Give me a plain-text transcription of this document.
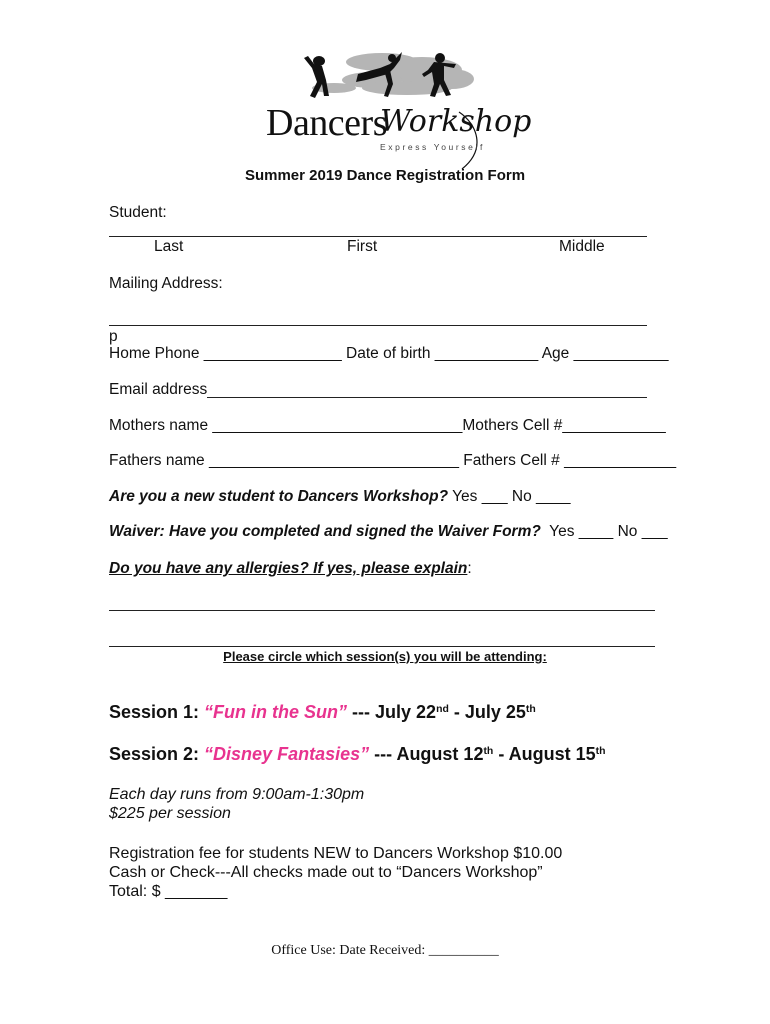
Dancers
Workshop
Express Yourself
Summer 2019 Dance Registration Form
Student:
Last	First	Middle
Mailing Address:
p
Home Phone ________________ Date of birth ____________ Age ___________
Email address
Mothers name _____________________________Mothers Cell #____________
Fathers name _____________________________ Fathers Cell # _____________
Are you a new student to Dancers Workshop? Yes ___ No ____
Waiver: Have you completed and signed the Waiver Form? Yes ____ No ___
Do you have any allergies? If yes, please explain:
Please circle which session(s) you will be attending:
Session 1: “Fun in the Sun” --- July 22nd - July 25th
Session 2: “Disney Fantasies” --- August 12th - August 15th
Each day runs from 9:00am-1:30pm
$225 per session
Registration fee for students NEW to Dancers Workshop $10.00
Cash or Check---All checks made out to “Dancers Workshop”
Total: $ _______
Office Use: Date Received: __________
